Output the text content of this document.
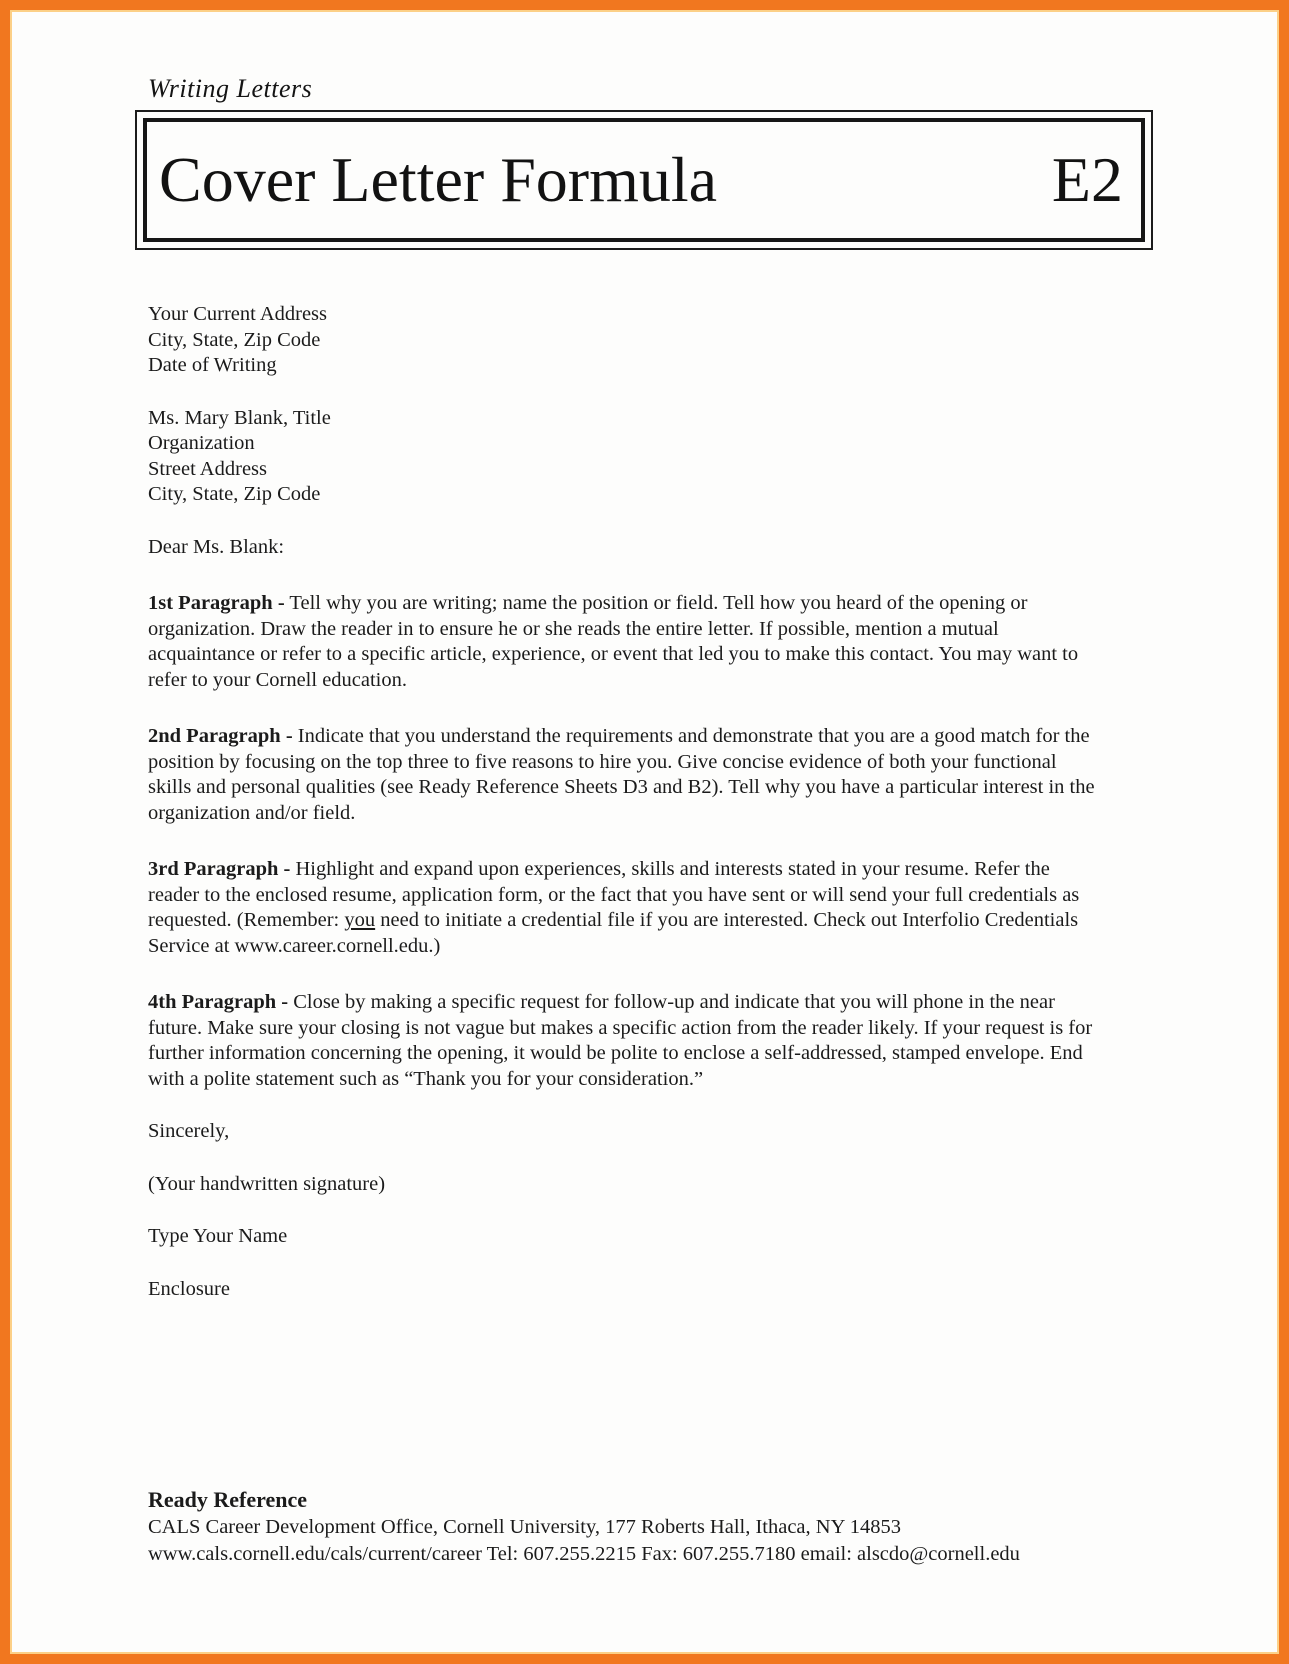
Writing Letters
Cover Letter Formula	E2
Your Current Address
City, State, Zip Code
Date of Writing
Ms. Mary Blank, Title
Organization
Street Address
City, State, Zip Code
Dear Ms. Blank:
1st Paragraph - Tell why you are writing; name the position or field. Tell how you heard of the opening or organization. Draw the reader in to ensure he or she reads the entire letter. If possible, mention a mutual acquaintance or refer to a specific article, experience, or event that led you to make this contact. You may want to refer to your Cornell education.
2nd Paragraph - Indicate that you understand the requirements and demonstrate that you are a good match for the position by focusing on the top three to five reasons to hire you. Give concise evidence of both your functional skills and personal qualities (see Ready Reference Sheets D3 and B2). Tell why you have a particular interest in the organization and/or field.
3rd Paragraph - Highlight and expand upon experiences, skills and interests stated in your resume. Refer the reader to the enclosed resume, application form, or the fact that you have sent or will send your full credentials as requested. (Remember: you need to initiate a credential file if you are interested. Check out Interfolio Credentials Service at www.career.cornell.edu.)
4th Paragraph - Close by making a specific request for follow-up and indicate that you will phone in the near future. Make sure your closing is not vague but makes a specific action from the reader likely. If your request is for further information concerning the opening, it would be polite to enclose a self-addressed, stamped envelope. End with a polite statement such as “Thank you for your consideration.”
Sincerely,
(Your handwritten signature)
Type Your Name
Enclosure
Ready Reference
CALS Career Development Office, Cornell University, 177 Roberts Hall, Ithaca, NY 14853
www.cals.cornell.edu/cals/current/career Tel: 607.255.2215 Fax: 607.255.7180 email: alscdo@cornell.edu
